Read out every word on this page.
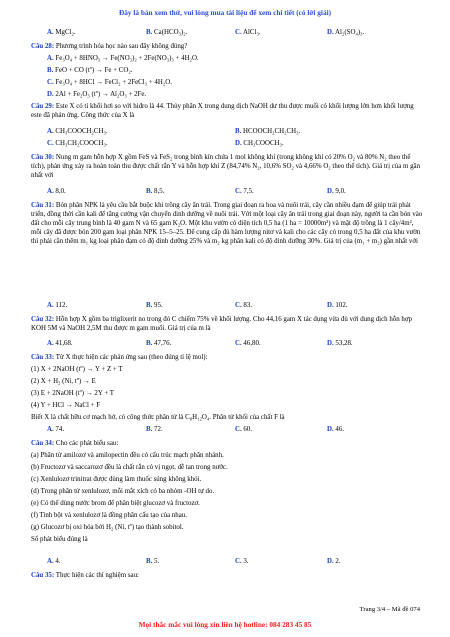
Đây là bản xem thử, vui lòng mua tài liệu để xem chi tiết (có lời giải)
A. MgCl₂.	B. Ca(HCO₃)₂.	C. AlCl₃.	D. Al₂(SO₄)₃.
Câu 28: Phương trình hóa học nào sau đây không đúng?
A. Fe₃O₄ + 8HNO₃ → Fe(NO₃)₂ + 2Fe(NO₃)₃ + 4H₂O.
B. FeO + CO (tº) → Fe + CO₂.
C. Fe₃O₄ + 8HCl → FeCl₂ + 2FeCl₃ + 4H₂O.
D. 2Al + Fe₂O₃ (tº) → Al₂O₃ + 2Fe.
Câu 29: Este X có tỉ khối hơi so với hiđro là 44. Thủy phân X trong dung dịch NaOH dư thu được muối có khối lượng lớn hơn khối lượng este đã phản ứng. Công thức của X là
A. CH₃COOCH₂CH₃.	B. HCOOCH₂CH₂CH₃.
C. CH₃CH₂COOCH₃.	D. CH₃COOCH₃.
Câu 30: Nung m gam hỗn hợp X gồm FeS và FeS₂ trong bình kín chứa 1 mol không khí (trong không khí có 20% O₂ và 80% N₂ theo thể tích), phản ứng xảy ra hoàn toàn thu được chất rắn Y và hỗn hợp khí Z (84,74% N₂, 10,6% SO₂ và 4,66% O₂ theo thể tích). Giá trị của m gần nhất với
A. 8,0.	B. 8,5.	C. 7,5.	D. 9,0.
Câu 31: Bón phân NPK là yêu cầu bắt buộc khi trồng cây ăn trái. Trong giai đoạn ra hoa và nuôi trái, cây cần nhiều đạm để giúp trái phát triển, đồng thời cần kali để tăng cường vận chuyển dinh dưỡng về nuôi trái. Với một loại cây ăn trái trong giai đoạn này, người ta cần bón vào đất cho mỗi cây trung bình là 40 gam N và 65 gam K₂O. Một khu vườn có diện tích 0,5 ha (1 ha = 10000m²) và mật độ trồng là 1 cây/4m², mỗi cây đã được bón 200 gam loại phân NPK 15–5–25. Để cung cấp đủ hàm lượng nitơ và kali cho các cây có trong 0,5 ha đất của khu vườn thì phải cần thêm m₁ kg loại phân đạm có độ dinh dưỡng 25% và m₂ kg phân kali có độ dinh dưỡng 30%. Giá trị của (m₁ + m₂) gần nhất với
A. 112.	B. 95.	C. 83.	D. 102.
Câu 32: Hỗn hợp X gồm ba triglixerit no trong đó C chiếm 75% về khối lượng. Cho 44,16 gam X tác dụng vừa đủ với dung dịch hỗn hợp KOH 5M và NaOH 2,5M thu được m gam muối. Giá trị của m là
A. 41,68.	B. 47,76.	C. 46,80.	D. 53,28.
Câu 33: Từ X thực hiện các phản ứng sau (theo đúng tỉ lệ mol):
(1) X + 2NaOH (tº) → Y + Z + T
(2) X + H₂ (Ni, tº) → E
(3) E + 2NaOH (tº) → 2Y + T
(4) Y + HCl → NaCl + F
Biết X là chất hữu cơ mạch hở, có công thức phân tử là C₈H₁₂O₄. Phân tử khối của chất F là
A. 74.	B. 72.	C. 60.	D. 46.
Câu 34: Cho các phát biểu sau:
(a) Phân tử amilozơ và amilopectin đều có cấu trúc mạch phân nhánh.
(b) Fructozơ và saccarozơ đều là chất rắn có vị ngọt, dễ tan trong nước.
(c) Xenlulozơ trinitrat được dùng làm thuốc súng không khói.
(d) Trong phân tử xenlulozơ, mỗi mắt xích có ba nhóm -OH tự do.
(e) Có thể dùng nước brom để phân biệt glucozơ và fructozơ.
(f) Tinh bột và xenlulozơ là đồng phân cấu tạo của nhau.
(g) Glucozơ bị oxi hóa bởi H₂ (Ni, tº) tạo thành sobitol.
Số phát biểu đúng là
A. 4.	B. 5.	C. 3.	D. 2.
Câu 35: Thực hiện các thí nghiệm sau:
Trang 3/4 – Mã đề 074
Mọi thắc mắc vui lòng xin liên hệ hotline: 084 283 45 85
